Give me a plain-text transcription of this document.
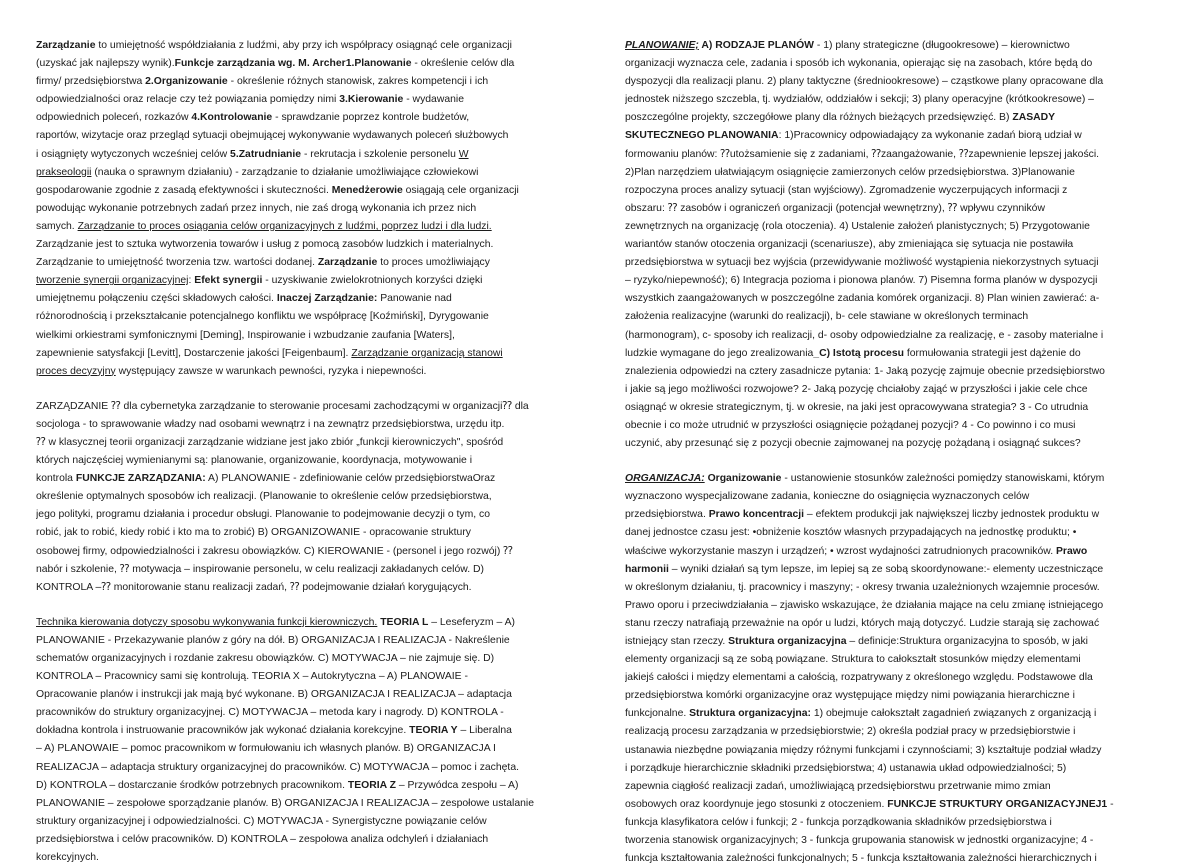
Zarządzanie to umiejętność współdziałania z ludźmi, aby przy ich współpracy osiągnąć cele organizacji
(uzyskać jak najlepszy wynik).Funkcje zarządzania wg. M. Archer1.Planowanie - określenie celów dla
firmy/ przedsiębiorstwa 2.Organizowanie - określenie różnych stanowisk, zakres kompetencji i ich
odpowiedzialności oraz relacje czy też powiązania pomiędzy nimi 3.Kierowanie - wydawanie
odpowiednich poleceń, rozkazów 4.Kontrolowanie - sprawdzanie poprzez kontrole budżetów,
raportów, wizytacje oraz przegląd sytuacji obejmującej wykonywanie wydawanych poleceń służbowych
i osiągnięty wytyczonych wcześniej celów 5.Zatrudnianie - rekrutacja i szkolenie personelu W
prakseologii (nauka o sprawnym działaniu) - zarządzanie to działanie umożliwiające człowiekowi
gospodarowanie zgodnie z zasadą efektywności i skuteczności. Menedżerowie osiągają cele organizacji
powodując wykonanie potrzebnych zadań przez innych, nie zaś drogą wykonania ich przez nich
samych. Zarządzanie to proces osiągania celów organizacyjnych z ludźmi, poprzez ludzi i dla ludzi.
Zarządzanie jest to sztuka wytworzenia towarów i usług z pomocą zasobów ludzkich i materialnych.
Zarządzanie to umiejętność tworzenia tzw. wartości dodanej. Zarządzanie to proces umożliwiający
tworzenie synergii organizacyjnej: Efekt synergii - uzyskiwanie zwielokrotnionych korzyści dzięki
umiejętnemu połączeniu części składowych całości. Inaczej Zarządzanie: Panowanie nad
różnorodnością i przekształcanie potencjalnego konfliktu we współpracę [Koźmiński], Dyrygowanie
wielkimi orkiestrami symfonicznymi [Deming], Inspirowanie i wzbudzanie zaufania [Waters],
zapewnienie satysfakcji [Levitt], Dostarczenie jakości [Feigenbaum]. Zarządzanie organizacją stanowi
proces decyzyjny występujący zawsze w warunkach pewności, ryzyka i niepewności.
ZARZĄDZANIE ⁇ dla cybernetyka zarządzanie to sterowanie procesami zachodzącymi w organizacji⁇ dla
socjologa - to sprawowanie władzy nad osobami wewnątrz i na zewnątrz przedsiębiorstwa, urzędu itp.
⁇ w klasycznej teorii organizacji zarządzanie widziane jest jako zbiór „funkcji kierowniczych", spośród
których najczęściej wymienianymi są: planowanie, organizowanie, koordynacja, motywowanie i
kontrola FUNKCJE ZARZĄDZANIA: A) PLANOWANIE - zdefiniowanie celów przedsiębiorstwaOraz
określenie optymalnych sposobów ich realizacji. (Planowanie to określenie celów przedsiębiorstwa,
jego polityki, programu działania i procedur obsługi. Planowanie to podejmowanie decyzji o tym, co
robić, jak to robić, kiedy robić i kto ma to zrobić) B) ORGANIZOWANIE - opracowanie struktury
osobowej firmy, odpowiedzialności i zakresu obowiązków. C) KIEROWANIE - (personel i jego rozwój) ⁇
nabór i szkolenie, ⁇ motywacja – inspirowanie personelu, w celu realizacji zakładanych celów. D)
KONTROLA –⁇ monitorowanie stanu realizacji zadań, ⁇ podejmowanie działań korygujących.
Technika kierowania dotyczy sposobu wykonywania funkcji kierowniczych. TEORIA L – Leseferyzm – A)
PLANOWANIE - Przekazywanie planów z góry na dół. B) ORGANIZACJA I REALIZACJA - Nakreślenie
schematów organizacyjnych i rozdanie zakresu obowiązków. C) MOTYWACJA – nie zajmuje się. D)
KONTROLA – Pracownicy sami się kontrolują. TEORIA X – Autokrytyczna – A) PLANOWAIE -
Opracowanie planów i instrukcji jak mają być wykonane. B) ORGANIZACJA I REALIZACJA – adaptacja
pracowników do struktury organizacyjnej. C) MOTYWACJA – metoda kary i nagrody. D) KONTROLA -
dokładna kontrola i instruowanie pracowników jak wykonać działania korekcyjne. TEORIA Y – Liberalna
– A) PLANOWAIE – pomoc pracownikom w formułowaniu ich własnych planów. B) ORGANIZACJA I
REALIZACJA – adaptacja struktury organizacyjnej do pracowników. C) MOTYWACJA – pomoc i zachęta.
D) KONTROLA – dostarczanie środków potrzebnych pracownikom. TEORIA Z – Przywódca zespołu – A)
PLANOWANIE – zespołowe sporządzanie planów. B) ORGANIZACJA I REALIZACJA – zespołowe ustalanie
struktury organizacyjnej i odpowiedzialności. C) MOTYWACJA - Synergistyczne powiązanie celów
przedsiębiorstwa i celów pracowników. D) KONTROLA – zespołowa analiza odchyleń i działaniach
korekcyjnych.
PLANOWANIE; A) RODZAJE PLANÓW - 1) plany strategiczne (długookresowe) – kierownictwo
organizacji wyznacza cele, zadania i sposób ich wykonania, opierając się na zasobach, które będą do
dyspozycji dla realizacji planu. 2) plany taktyczne (średniookresowe) – cząstkowe plany opracowane dla
jednostek niższego szczebla, tj. wydziałów, oddziałów i sekcji; 3) plany operacyjne (krótkookresowe) –
poszczególne projekty, szczegółowe plany dla różnych bieżących przedsięwzięć. B) ZASADY
SKUTECZNEGO PLANOWANIA: 1)Pracownicy odpowiadający za wykonanie zadań biorą udział w
formowaniu planów: ⁇utożsamienie się z zadaniami, ⁇zaangażowanie, ⁇zapewnienie lepszej jakości.
2)Plan narzędziem ułatwiającym osiągnięcie zamierzonych celów przedsiębiorstwa. 3)Planowanie
rozpoczyna proces analizy sytuacji (stan wyjściowy). Zgromadzenie wyczerpujących informacji z
obszaru: ⁇ zasobów i ograniczeń organizacji (potencjał wewnętrzny), ⁇ wpływu czynników
zewnętrznych na organizację (rola otoczenia). 4) Ustalenie założeń planistycznych; 5) Przygotowanie
wariantów stanów otoczenia organizacji (scenariusze), aby zmieniająca się sytuacja nie postawiła
przedsiębiorstwa w sytuacji bez wyjścia (przewidywanie możliwość wystąpienia niekorzystnych sytuacji
– ryzyko/niepewność); 6) Integracja pozioma i pionowa planów. 7) Pisemna forma planów w dyspozycji
wszystkich zaangażowanych w poszczególne zadania komórek organizacji. 8) Plan winien zawierać: a-
założenia realizacyjne (warunki do realizacji), b- cele stawiane w określonych terminach
(harmonogram), c- sposoby ich realizacji, d- osoby odpowiedzialne za realizację, e - zasoby materialne i
ludzkie wymagane do jego zrealizowania_C) Istotą procesu formułowania strategii jest dążenie do
znalezienia odpowiedzi na cztery zasadnicze pytania: 1- Jaką pozycję zajmuje obecnie przedsiębiorstwo
i jakie są jego możliwości rozwojowe? 2- Jaką pozycję chciałoby zająć w przyszłości i jakie cele chce
osiągnąć w okresie strategicznym, tj. w okresie, na jaki jest opracowywana strategia? 3 - Co utrudnia
obecnie i co może utrudnić w przyszłości osiągnięcie pożądanej pozycji? 4 - Co powinno i co musi
uczynić, aby przesunąć się z pozycji obecnie zajmowanej na pozycję pożądaną i osiągnąć sukces?
ORGANIZACJA: Organizowanie - ustanowienie stosunków zależności pomiędzy stanowiskami, którym
wyznaczono wyspecjalizowane zadania, konieczne do osiągnięcia wyznaczonych celów
przedsiębiorstwa. Prawo koncentracji – efektem produkcji jak największej liczby jednostek produktu w
danej jednostce czasu jest: •obniżenie kosztów własnych przypadających na jednostkę produktu; •
właściwe wykorzystanie maszyn i urządzeń; • wzrost wydajności zatrudnionych pracowników. Prawo
harmonii – wyniki działań są tym lepsze, im lepiej są ze sobą skoordynowane:- elementy uczestniczące
w określonym działaniu, tj. pracownicy i maszyny; - okresy trwania uzależnionych wzajemnie procesów.
Prawo oporu i przeciwdziałania – zjawisko wskazujące, że działania mające na celu zmianę istniejącego
stanu rzeczy natrafiają przeważnie na opór u ludzi, których mają dotyczyć. Ludzie starają się zachować
istniejący stan rzeczy. Struktura organizacyjna – definicje:Struktura organizacyjna to sposób, w jaki
elementy organizacji są ze sobą powiązane. Struktura to całokształt stosunków między elementami
jakiejś całości i między elementami a całością, rozpatrywany z określonego względu. Podstawowe dla
przedsiębiorstwa komórki organizacyjne oraz występujące między nimi powiązania hierarchiczne i
funkcjonalne. Struktura organizacyjna: 1) obejmuje całokształt zagadnień związanych z organizacją i
realizacją procesu zarządzania w przedsiębiorstwie; 2) określa podział pracy w przedsiębiorstwie i
ustanawia niezbędne powiązania między różnymi funkcjami i czynnościami; 3) kształtuje podział władzy
i porządkuje hierarchicznie składniki przedsiębiorstwa; 4) ustanawia układ odpowiedzialności; 5)
zapewnia ciągłość realizacji zadań, umożliwiającą przedsiębiorstwu przetrwanie mimo zmian
osobowych oraz koordynuje jego stosunki z otoczeniem. FUNKCJE STRUKTURY ORGANIZACYJNEJ1 -
funkcja klasyfikatora celów i funkcji; 2 - funkcja porządkowania składników przedsiębiorstwa i
tworzenia stanowisk organizacyjnych; 3 - funkcja grupowania stanowisk w jednostki organizacyjne; 4 -
funkcja kształtowania zależności funkcjonalnych; 5 - funkcja kształtowania zależności hierarchicznych i
